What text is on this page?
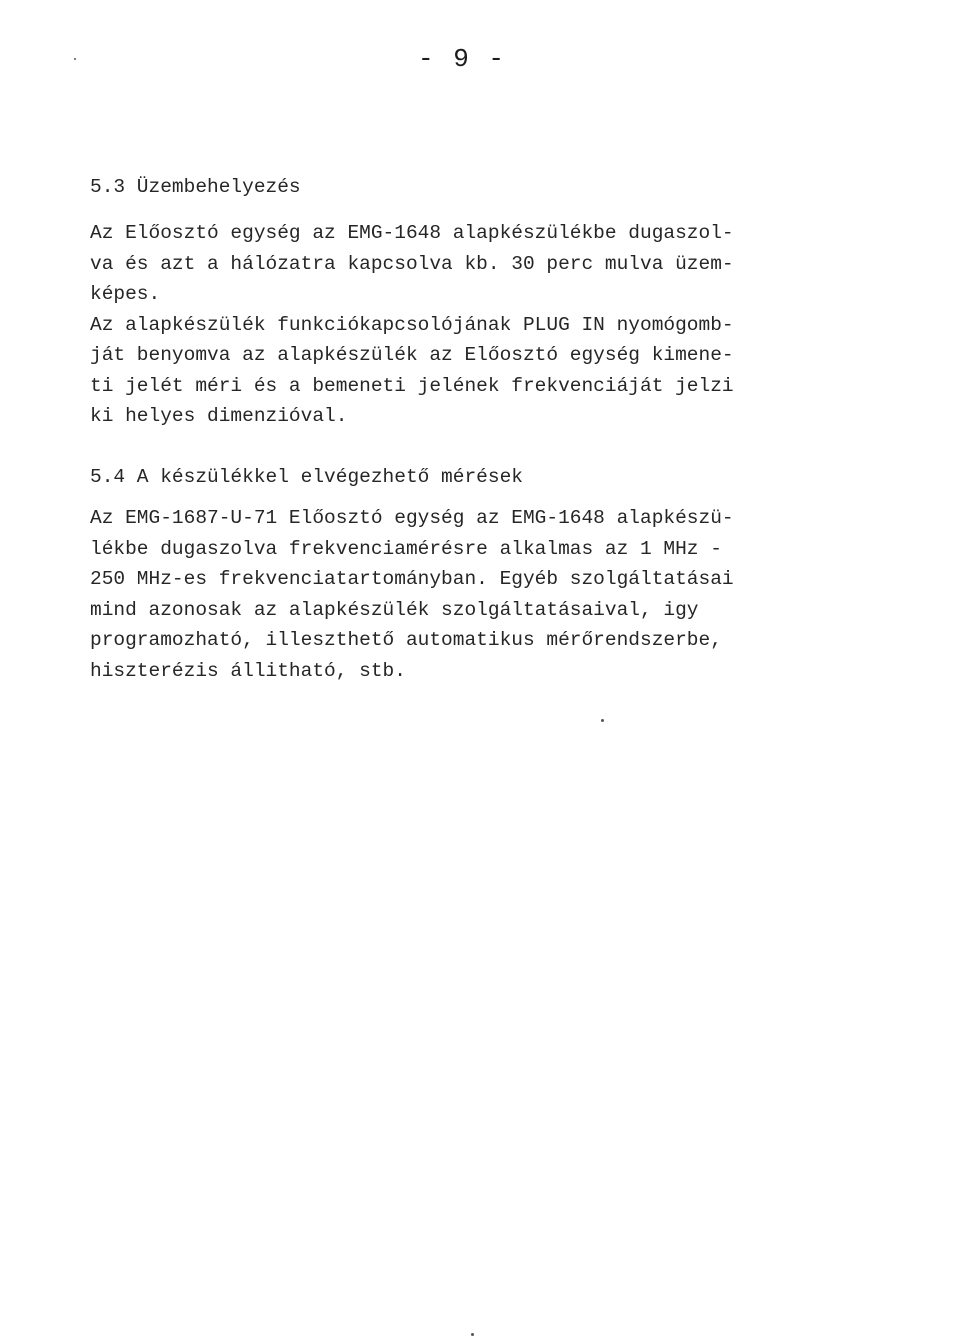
- 9 -
5.3 Üzembehelyezés
Az Előosztó egység az EMG-1648 alapkészülékbe dugaszol-
va és azt a hálózatra kapcsolva kb. 30 perc mulva üzem-
képes.
Az alapkészülék funkciókapcsolójának PLUG IN nyomógomb-
ját benyomva az alapkészülék az Előosztó egység kimene-
ti jelét méri és a bemeneti jelének frekvenciáját jelzi
ki helyes dimenzióval.
5.4 A készülékkel elvégezhető mérések
Az EMG-1687-U-71 Előosztó egység az EMG-1648 alapkészü-
lékbe dugaszolva frekvenciamérésre alkalmas az 1 MHz -
250 MHz-es frekvenciatartományban. Egyéb szolgáltatásai
mind azonosak az alapkészülék szolgáltatásaival, igy
programozható, illeszthető automatikus mérőrendszerbe,
hiszterézis állitható, stb.
